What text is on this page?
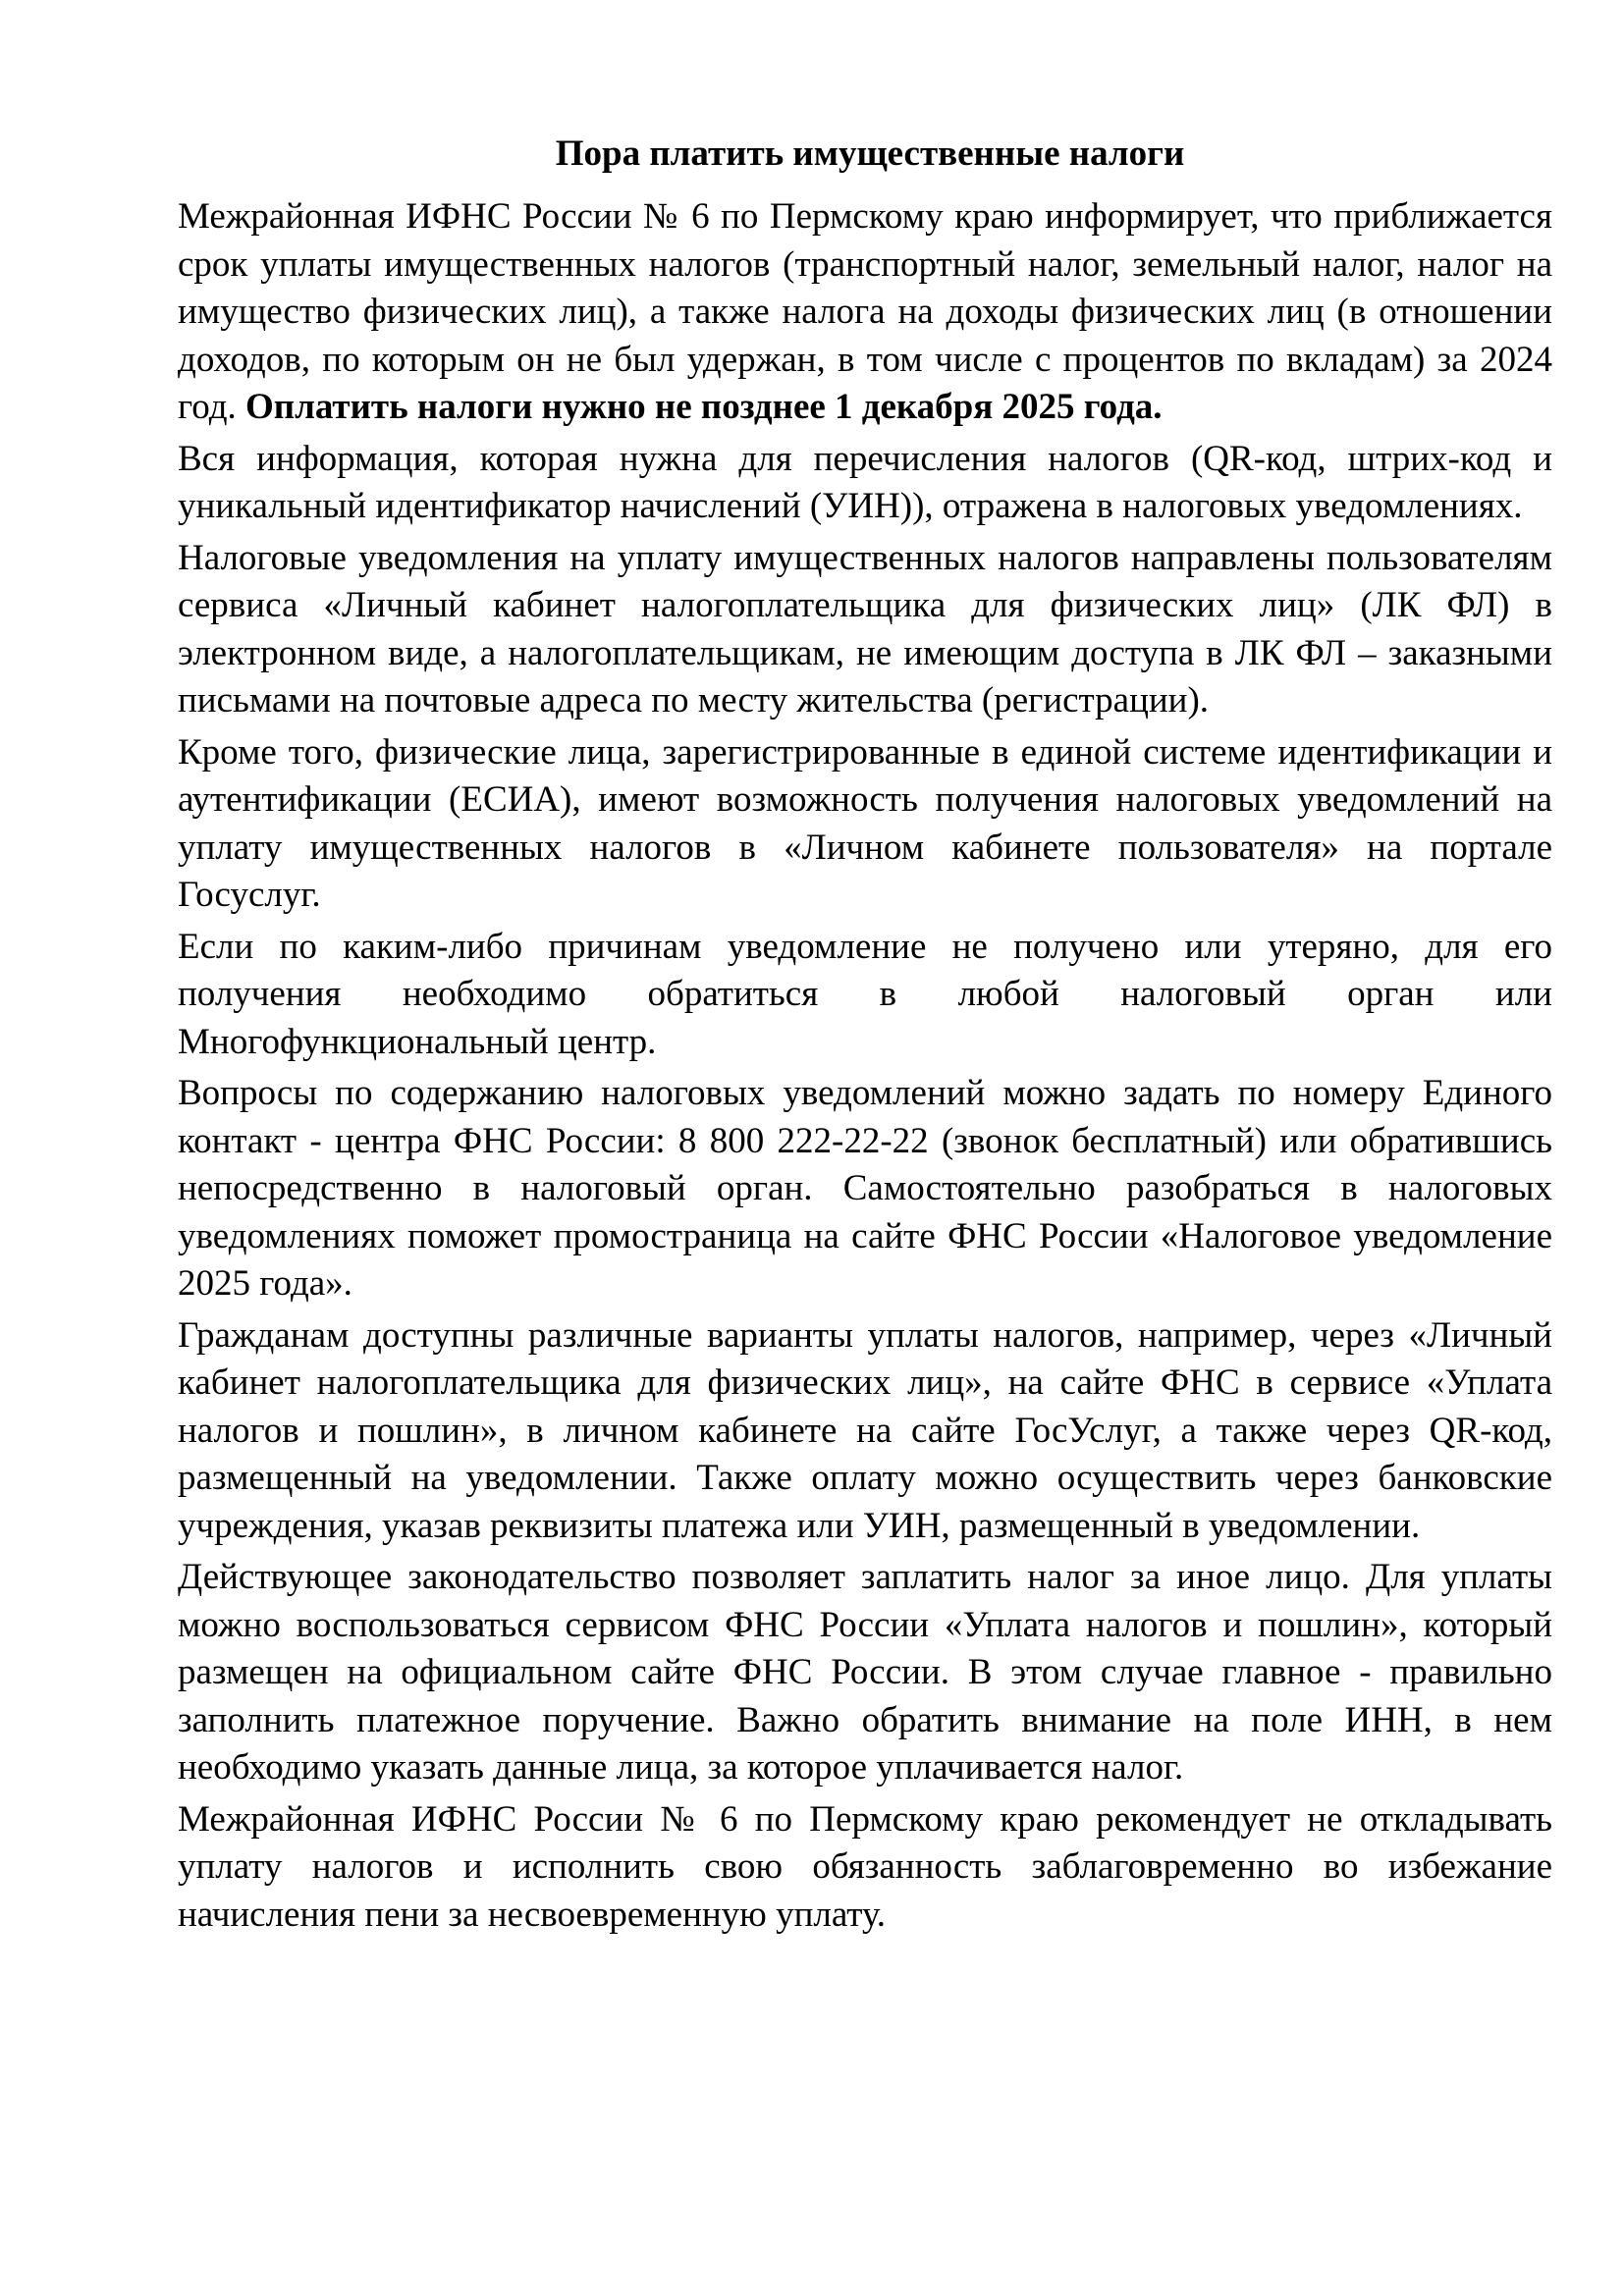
Пора платить имущественные налоги

Межрайонная ИФНС России № 6 по Пермскому краю информирует, что приближается срок уплаты имущественных налогов (транспортный налог, земельный налог, налог на имущество физических лиц), а также налога на доходы физических лиц (в отношении доходов, по которым он не был удержан, в том числе с процентов по вкладам) за 2024 год. Оплатить налоги нужно не позднее 1 декабря 2025 года.

Вся информация, которая нужна для перечисления налогов (QR-код, штрих-код и уникальный идентификатор начислений (УИН)), отражена в налоговых уведомлениях.

Налоговые уведомления на уплату имущественных налогов направлены пользователям сервиса «Личный кабинет налогоплательщика для физических лиц» (ЛК ФЛ) в электронном виде, а налогоплательщикам, не имеющим доступа в ЛК ФЛ – заказными письмами на почтовые адреса по месту жительства (регистрации).

Кроме того, физические лица, зарегистрированные в единой системе идентификации и аутентификации (ЕСИА), имеют возможность получения налоговых уведомлений на уплату имущественных налогов в «Личном кабинете пользователя» на портале Госуслуг.

Если по каким-либо причинам уведомление не получено или утеряно, для его получения необходимо обратиться в любой налоговый орган или Многофункциональный центр.

Вопросы по содержанию налоговых уведомлений можно задать по номеру Единого контакт - центра ФНС России: 8 800 222-22-22 (звонок бесплатный) или обратившись непосредственно в налоговый орган. Самостоятельно разобраться в налоговых уведомлениях поможет промостраница на сайте ФНС России «Налоговое уведомление 2025 года».

Гражданам доступны различные варианты уплаты налогов, например, через «Личный кабинет налогоплательщика для физических лиц», на сайте ФНС в сервисе «Уплата налогов и пошлин», в личном кабинете на сайте ГосУслуг, а также через QR-код, размещенный на уведомлении. Также оплату можно осуществить через банковские учреждения, указав реквизиты платежа или УИН, размещенный в уведомлении.

Действующее законодательство позволяет заплатить налог за иное лицо. Для уплаты можно воспользоваться сервисом ФНС России «Уплата налогов и пошлин», который размещен на официальном сайте ФНС России. В этом случае главное - правильно заполнить платежное поручение. Важно обратить внимание на поле ИНН, в нем необходимо указать данные лица, за которое уплачивается налог.

Межрайонная ИФНС России № 6 по Пермскому краю рекомендует не откладывать уплату налогов и исполнить свою обязанность заблаговременно во избежание начисления пени за несвоевременную уплату.
